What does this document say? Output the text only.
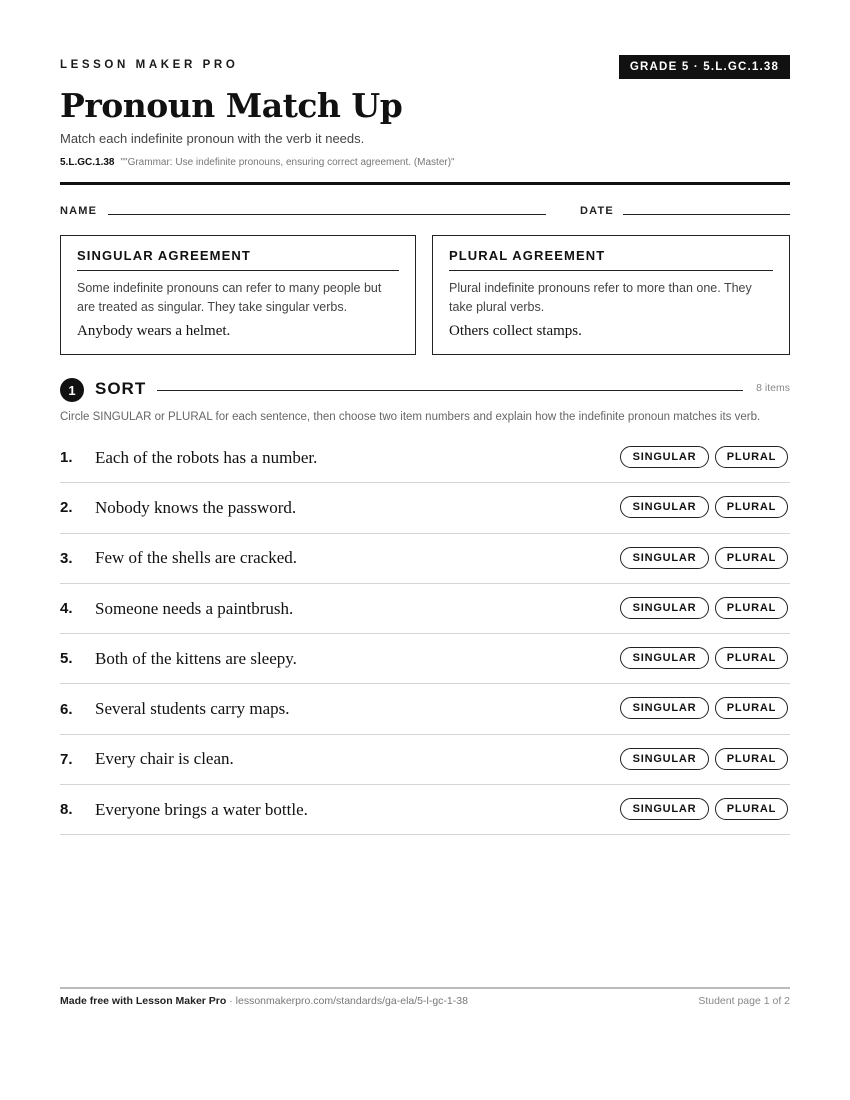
LESSON MAKER PRO	GRADE 5 · 5.L.GC.1.38
Pronoun Match Up
Match each indefinite pronoun with the verb it needs.
5.L.GC.1.38 ""Grammar: Use indefinite pronouns, ensuring correct agreement. (Master)"
NAME	DATE
SINGULAR AGREEMENT
Some indefinite pronouns can refer to many people but are treated as singular. They take singular verbs.
Anybody wears a helmet.
PLURAL AGREEMENT
Plural indefinite pronouns refer to more than one. They take plural verbs.
Others collect stamps.
1	SORT	8 items
Circle SINGULAR or PLURAL for each sentence, then choose two item numbers and explain how the indefinite pronoun matches its verb.
1.	Each of the robots has a number.	SINGULAR	PLURAL
2.	Nobody knows the password.	SINGULAR	PLURAL
3.	Few of the shells are cracked.	SINGULAR	PLURAL
4.	Someone needs a paintbrush.	SINGULAR	PLURAL
5.	Both of the kittens are sleepy.	SINGULAR	PLURAL
6.	Several students carry maps.	SINGULAR	PLURAL
7.	Every chair is clean.	SINGULAR	PLURAL
8.	Everyone brings a water bottle.	SINGULAR	PLURAL
Made free with Lesson Maker Pro · lessonmakerpro.com/standards/ga-ela/5-l-gc-1-38	Student page 1 of 2
